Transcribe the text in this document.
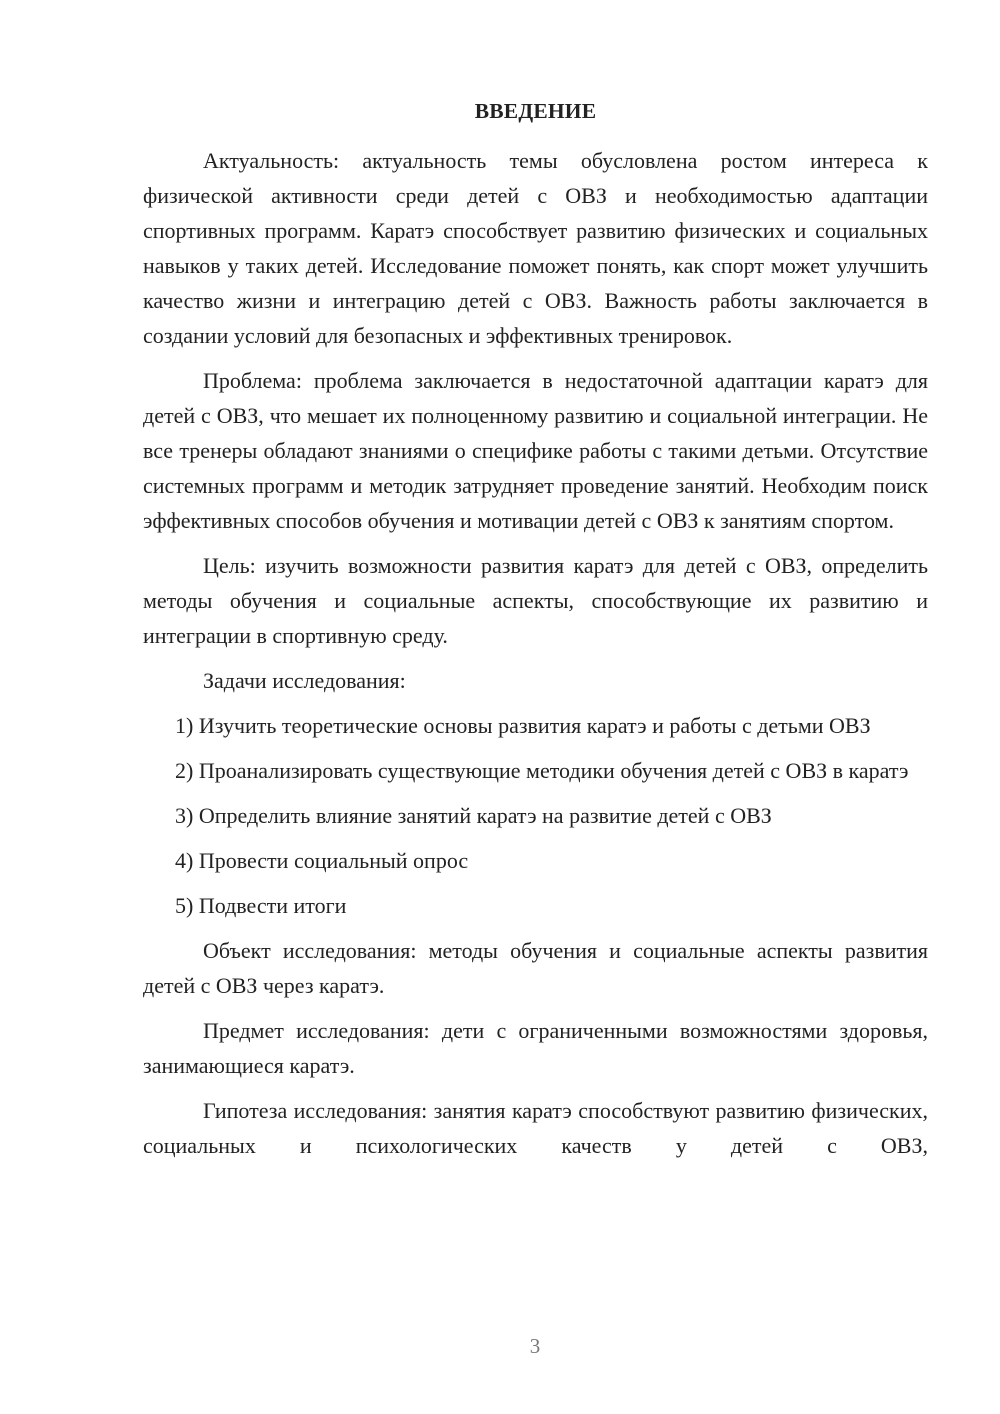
ВВЕДЕНИЕ

Актуальность: актуальность темы обусловлена ростом интереса к физической активности среди детей с ОВЗ и необходимостью адаптации спортивных программ. Каратэ способствует развитию физических и социальных навыков у таких детей. Исследование поможет понять, как спорт может улучшить качество жизни и интеграцию детей с ОВЗ. Важность работы заключается в создании условий для безопасных и эффективных тренировок.

Проблема: проблема заключается в недостаточной адаптации каратэ для детей с ОВЗ, что мешает их полноценному развитию и социальной интеграции. Не все тренеры обладают знаниями о специфике работы с такими детьми. Отсутствие системных программ и методик затрудняет проведение занятий. Необходим поиск эффективных способов обучения и мотивации детей с ОВЗ к занятиям спортом.

Цель: изучить возможности развития каратэ для детей с ОВЗ, определить методы обучения и социальные аспекты, способствующие их развитию и интеграции в спортивную среду.

Задачи исследования:

1) Изучить теоретические основы развития каратэ и работы с детьми ОВЗ

2) Проанализировать существующие методики обучения детей с ОВЗ в каратэ

3) Определить влияние занятий каратэ на развитие детей с ОВЗ

4) Провести социальный опрос

5) Подвести итоги

Объект исследования: методы обучения и социальные аспекты развития детей с ОВЗ через каратэ.

Предмет исследования: дети с ограниченными возможностями здоровья, занимающиеся каратэ.

Гипотеза исследования: занятия каратэ способствуют развитию физических, социальных и психологических качеств у детей с ОВЗ,

3
